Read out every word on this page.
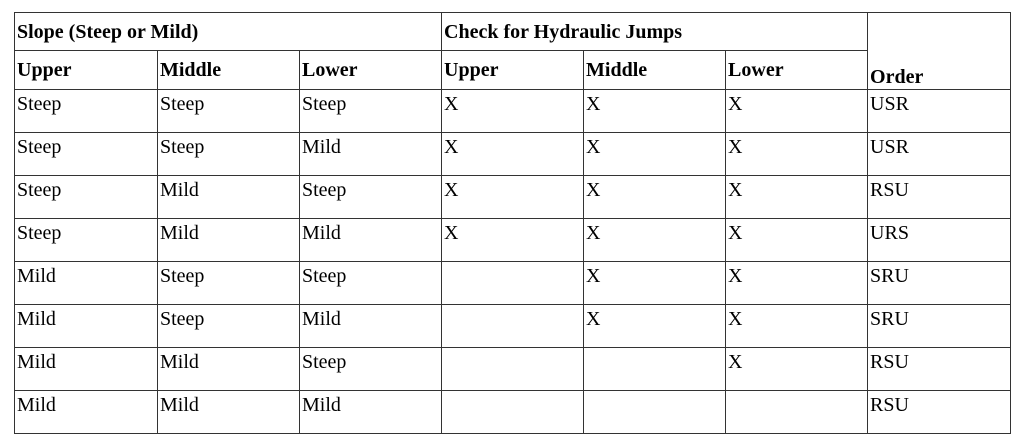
Slope (Steep or Mild)			Check for Hydraulic Jumps			Order
Upper	Middle	Lower	Upper	Middle	Lower	
Steep	Steep	Steep	X	X	X	USR
Steep	Steep	Mild	X	X	X	USR
Steep	Mild	Steep	X	X	X	RSU
Steep	Mild	Mild	X	X	X	URS
Mild	Steep	Steep		X	X	SRU
Mild	Steep	Mild		X	X	SRU
Mild	Mild	Steep			X	RSU
Mild	Mild	Mild				RSU
